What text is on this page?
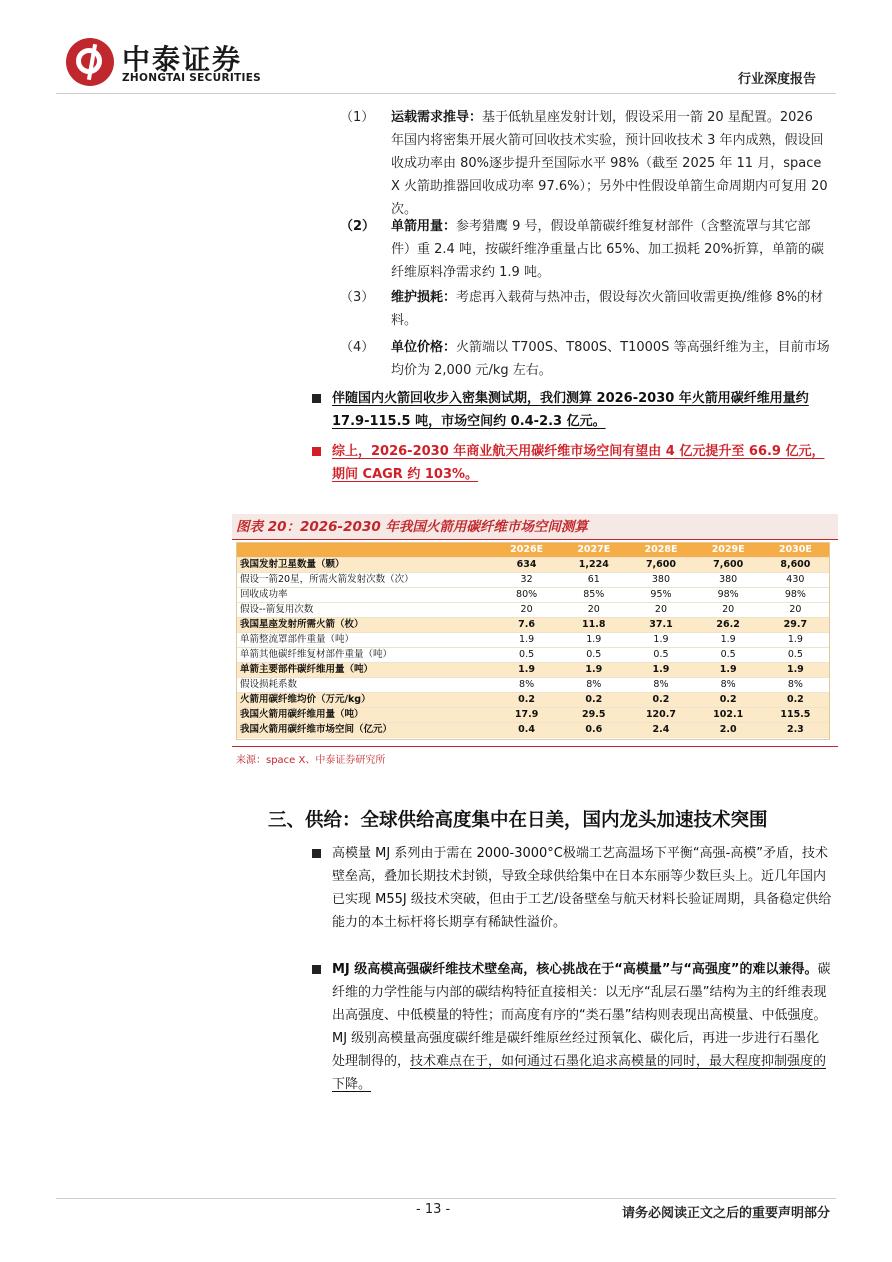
中泰证券
ZHONGTAI SECURITIES	行业深度报告
（1） 运载需求推导：基于低轨星座发射计划，假设采用一箭 20 星配置。2026 年国内将密集开展火箭可回收技术实验，预计回收技术 3 年内成熟，假设回收成功率由 80%逐步提升至国际水平 98%（截至 2025 年 11 月，space X 火箭助推器回收成功率 97.6%）；另外中性假设单箭生命周期内可复用 20 次。
（2） 单箭用量：参考猎鹰 9 号，假设单箭碳纤维复材部件（含整流罩与其它部件）重 2.4 吨，按碳纤维净重量占比 65%、加工损耗 20%折算，单箭的碳纤维原料净需求约 1.9 吨。
（3） 维护损耗：考虑再入载荷与热冲击，假设每次火箭回收需更换/维修 8%的材料。
（4） 单位价格：火箭端以 T700S、T800S、T1000S 等高强纤维为主，目前市场均价为 2,000 元/kg 左右。
伴随国内火箭回收步入密集测试期，我们测算 2026-2030 年火箭用碳纤维用量约 17.9-115.5 吨，市场空间约 0.4-2.3 亿元。
综上，2026-2030 年商业航天用碳纤维市场空间有望由 4 亿元提升至 66.9 亿元，期间 CAGR 约 103%。
图表 20：2026-2030 年我国火箭用碳纤维市场空间测算
	2026E	2027E	2028E	2029E	2030E
我国发射卫星数量（颗）	634	1,224	7,600	7,600	8,600
假设一箭20星，所需火箭发射次数（次）	32	61	380	380	430
回收成功率	80%	85%	95%	98%	98%
假设--箭复用次数	20	20	20	20	20
我国星座发射所需火箭（枚）	7.6	11.8	37.1	26.2	29.7
单箭整流罩部件重量（吨）	1.9	1.9	1.9	1.9	1.9
单箭其他碳纤维复材部件重量（吨）	0.5	0.5	0.5	0.5	0.5
单箭主要部件碳纤维用量（吨）	1.9	1.9	1.9	1.9	1.9
假设损耗系数	8%	8%	8%	8%	8%
火箭用碳纤维均价（万元/kg）	0.2	0.2	0.2	0.2	0.2
我国火箭用碳纤维用量（吨）	17.9	29.5	120.7	102.1	115.5
我国火箭用碳纤维市场空间（亿元）	0.4	0.6	2.4	2.0	2.3
来源：space X、中泰证券研究所
三、供给：全球供给高度集中在日美，国内龙头加速技术突围
高模量 MJ 系列由于需在 2000-3000°C极端工艺高温场下平衡“高强-高模”矛盾，技术壁垒高，叠加长期技术封锁，导致全球供给集中在日本东丽等少数巨头上。近几年国内已实现 M55J 级技术突破，但由于工艺/设备壁垒与航天材料长验证周期，具备稳定供给能力的本土标杆将长期享有稀缺性溢价。
MJ 级高模高强碳纤维技术壁垒高，核心挑战在于“高模量”与“高强度”的难以兼得。碳纤维的力学性能与内部的碳结构特征直接相关：以无序“乱层石墨”结构为主的纤维表现出高强度、中低模量的特性；而高度有序的“类石墨”结构则表现出高模量、中低强度。MJ 级别高模量高强度碳纤维是碳纤维原丝经过预氧化、碳化后，再进一步进行石墨化处理制得的，技术难点在于，如何通过石墨化追求高模量的同时，最大程度抑制强度的下降。
- 13 -	请务必阅读正文之后的重要声明部分
